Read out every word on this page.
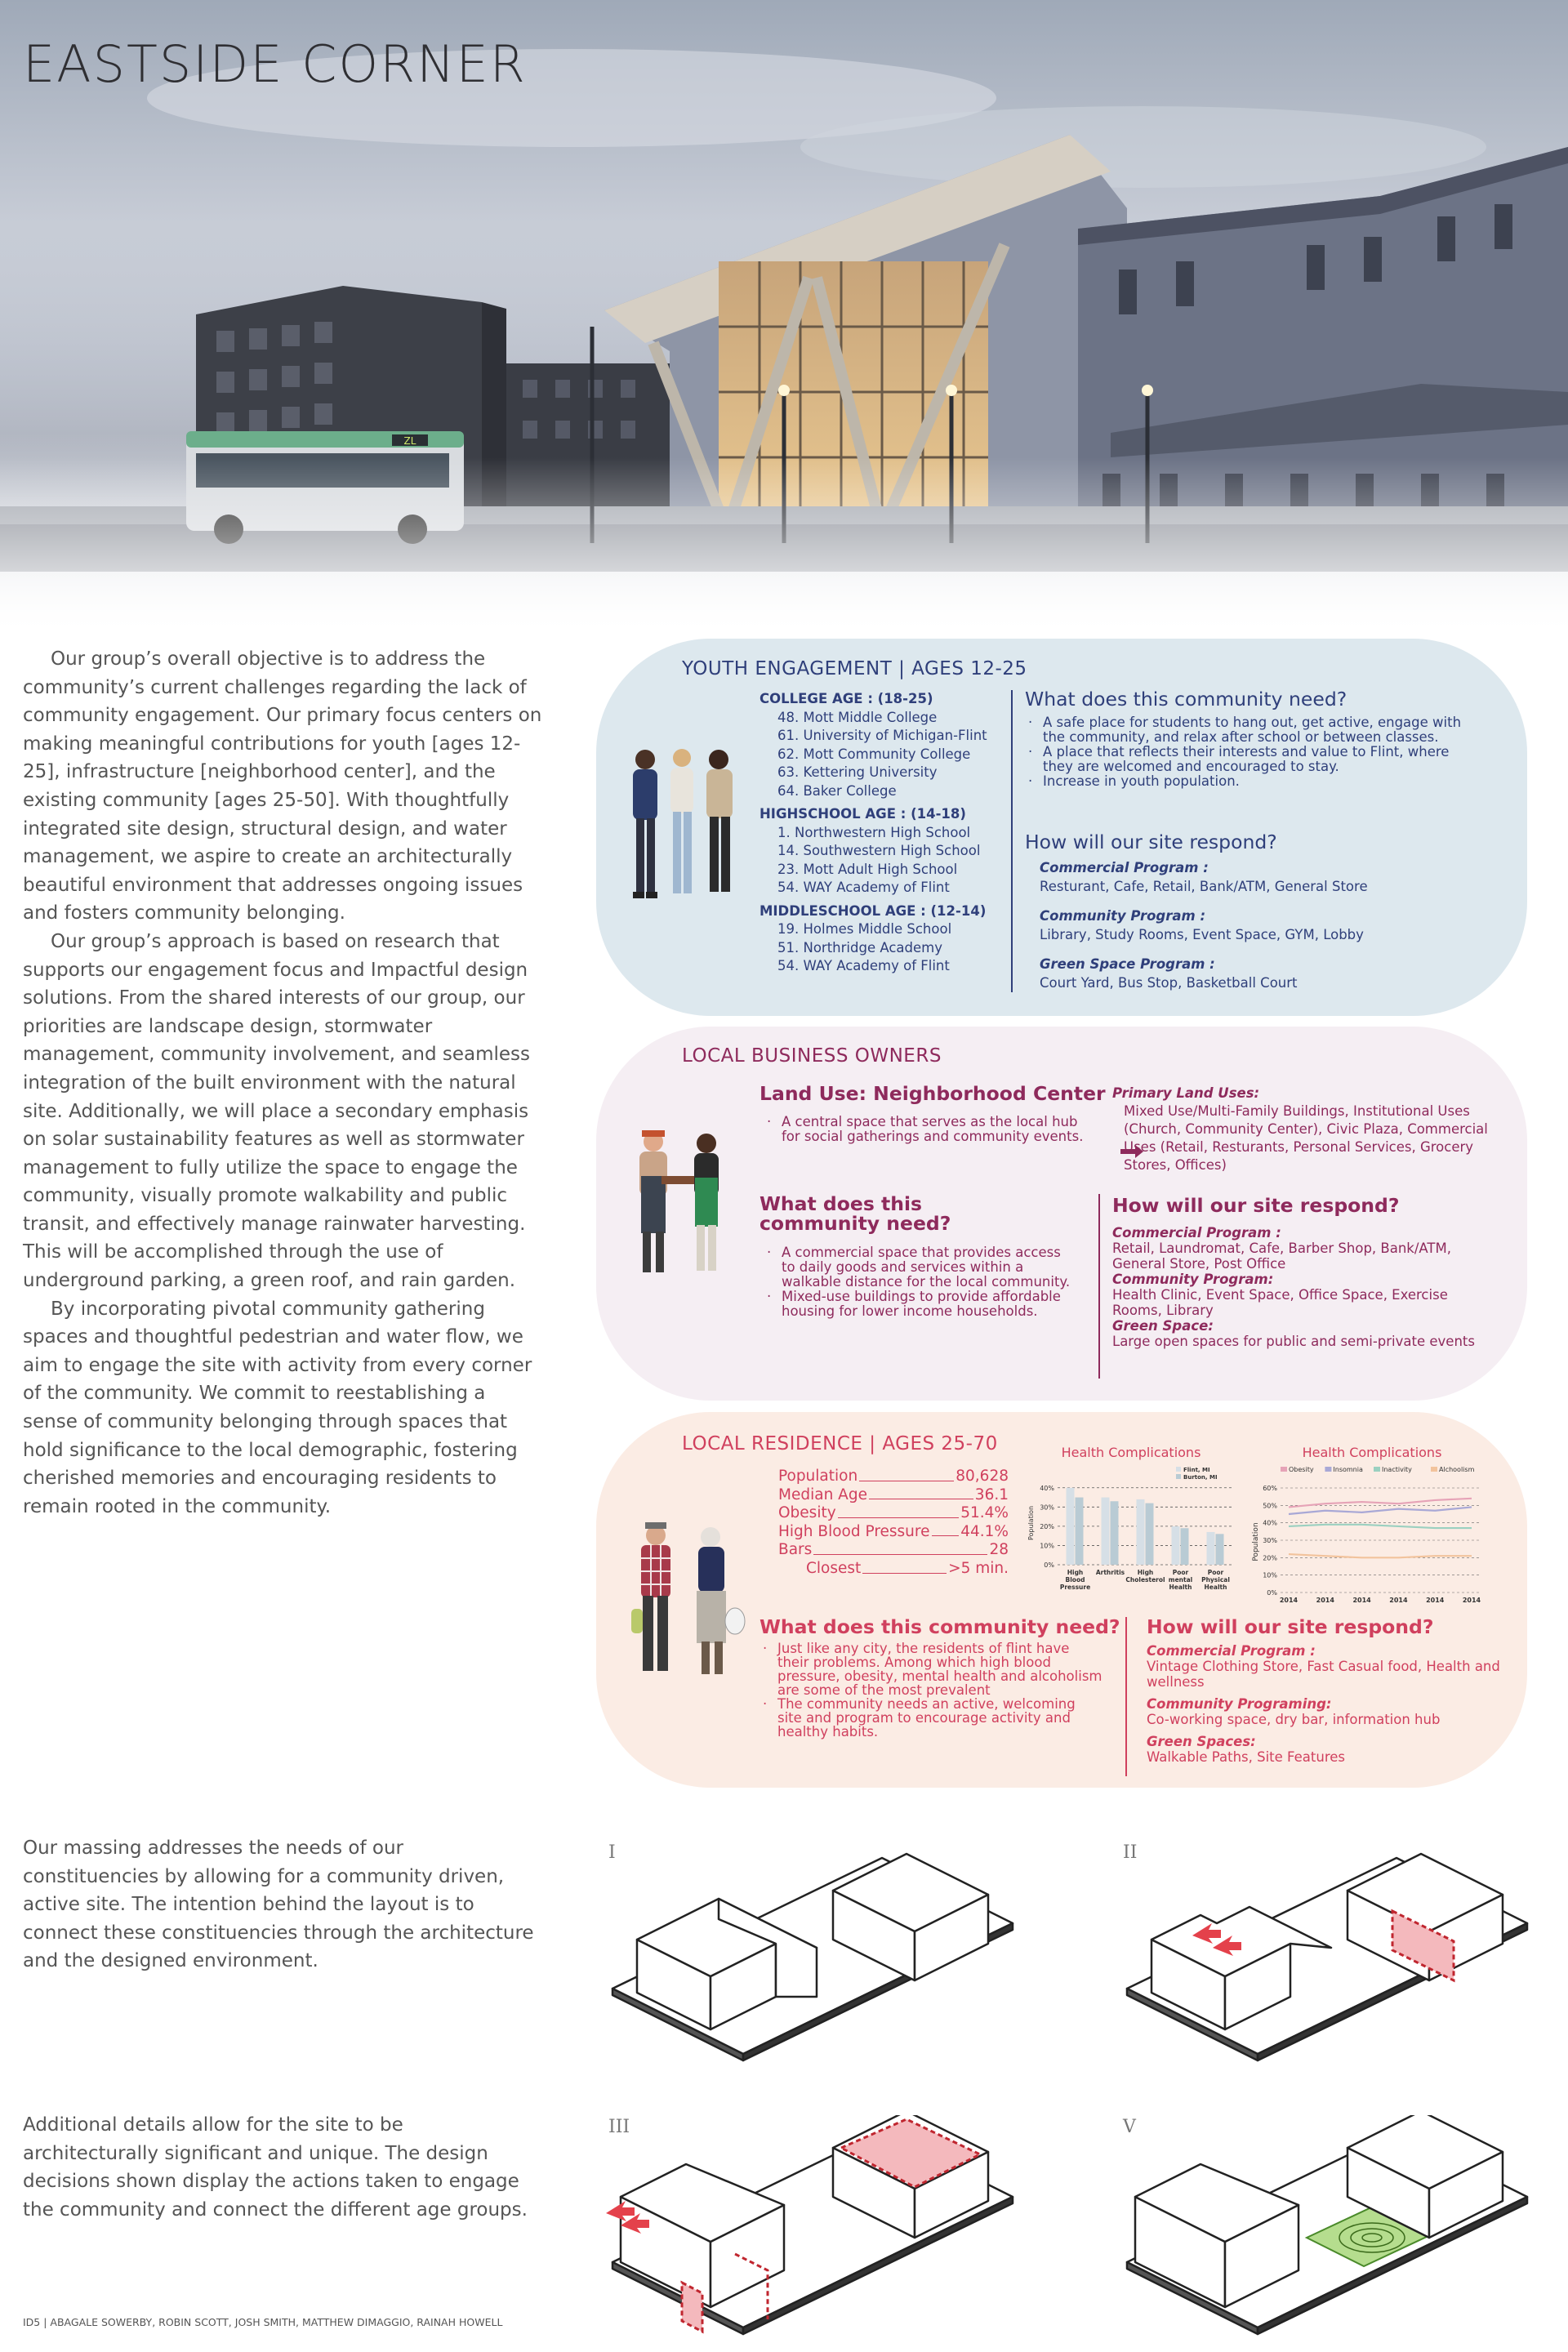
ZL
EASTSIDE CORNER

Our group’s overall objective is to address the community’s current challenges regarding the lack of community engagement. Our primary focus centers on making meaningful contributions for youth [ages 12-25], infrastructure [neighborhood center], and the existing community [ages 25-50]. With thoughtfully integrated site design, structural design, and water management, we aspire to create an architecturally beautiful environment that addresses ongoing issues and fosters community belonging.

Our group’s approach is based on research that supports our engagement focus and Impactful design solutions. From the shared interests of our group, our priorities are landscape design, stormwater management, community involvement, and seamless integration of the built environment with the natural site. Additionally, we will place a secondary emphasis on solar sustainability features as well as stormwater management to fully utilize the space to engage the community, visually promote walkability and public transit, and effectively manage rainwater harvesting. This will be accomplished through the use of underground parking, a green roof, and rain garden.

By incorporating pivotal community gathering spaces and thoughtful pedestrian and water flow, we aim to engage the site with activity from every corner of the community. We commit to reestablishing a sense of community belonging through spaces that hold significance to the local demographic, fostering cherished memories and encouraging residents to remain rooted in the community.

YOUTH ENGAGEMENT | AGES 12-25
COLLEGE AGE : (18-25)
48. Mott Middle College
61. University of Michigan-Flint
62. Mott Community College
63. Kettering University
64. Baker College
HIGHSCHOOL AGE : (14-18)
1. Northwestern High School
14. Southwestern High School
23. Mott Adult High School
54. WAY Academy of Flint
MIDDLESCHOOL AGE : (12-14)
19. Holmes Middle School
51. Northridge Academy
54. WAY Academy of Flint
What does this community need?
· A safe place for students to hang out, get active, engage with the community, and relax after school or between classes.
· A place that reflects their interests and value to Flint, where they are welcomed and encouraged to stay.
· Increase in youth population.
How will our site respond?
Commercial Program :
Resturant, Cafe, Retail, Bank/ATM, General Store
Community Program :
Library, Study Rooms, Event Space, GYM, Lobby
Green Space Program :
Court Yard, Bus Stop, Basketball Court
LOCAL BUSINESS OWNERS
Land Use: Neighborhood Center
· A central space that serves as the local hub for social gatherings and community events.
Primary Land Uses:
Mixed Use/Multi-Family Buildings, Institutional Uses (Church, Community Center), Civic Plaza, Commercial Uses (Retail, Resturants, Personal Services, Grocery Stores, Offices)
What does this community need?
· A commercial space that provides access to daily goods and services within a walkable distance for the local community.
· Mixed-use buildings to provide affordable housing for lower income households.
How will our site respond?
Commercial Program :
Retail, Laundromat, Cafe, Barber Shop, Bank/ATM, General Store, Post Office
Community Program:
Health Clinic, Event Space, Office Space, Exercise Rooms, Library
Green Space:
Large open spaces for public and semi-private events
LOCAL RESIDENCE | AGES 25-70
Population	80,628
Median Age	36.1
Obesity	51.4%
High Blood Pressure 44.1%
Bars	28
Closest	>5 min.
Health Complications
0%
10%
20%
30%
40%
Population
High
Blood
Pressure
Arthritis High
Cholesterol
Poor
mental
Health
Poor
Physical
Health
Flint, MI
Burton, MI
Health Complications
0%
10%
20%
30%
40%
50%
60%
Population
2014	2014	2014	2014	2014	2014
Obesity	Insomnia	Inactivity	Alchoolism
What does this community need?
· Just like any city, the residents of flint have their problems. Among which high blood pressure, obesity, mental health and alcoholism are some of the most prevalent
· The community needs an active, welcoming site and program to encourage activity and healthy habits.
How will our site respond?
Commercial Program :
Vintage Clothing Store, Fast Casual food, Health and wellness
Community Programing:
Co-working space, dry bar, information hub
Green Spaces:
Walkable Paths, Site Features
Our massing addresses the needs of our constituencies by allowing for a community driven, active site. The intention behind the layout is to connect these constituencies through the architecture and the designed environment.
Additional details allow for the site to be architecturally significant and unique. The design decisions shown display the actions taken to engage the community and connect the different age groups.
I	II
III	V
ID5 | ABAGALE SOWERBY, ROBIN SCOTT, JOSH SMITH, MATTHEW DIMAGGIO, RAINAH HOWELL
